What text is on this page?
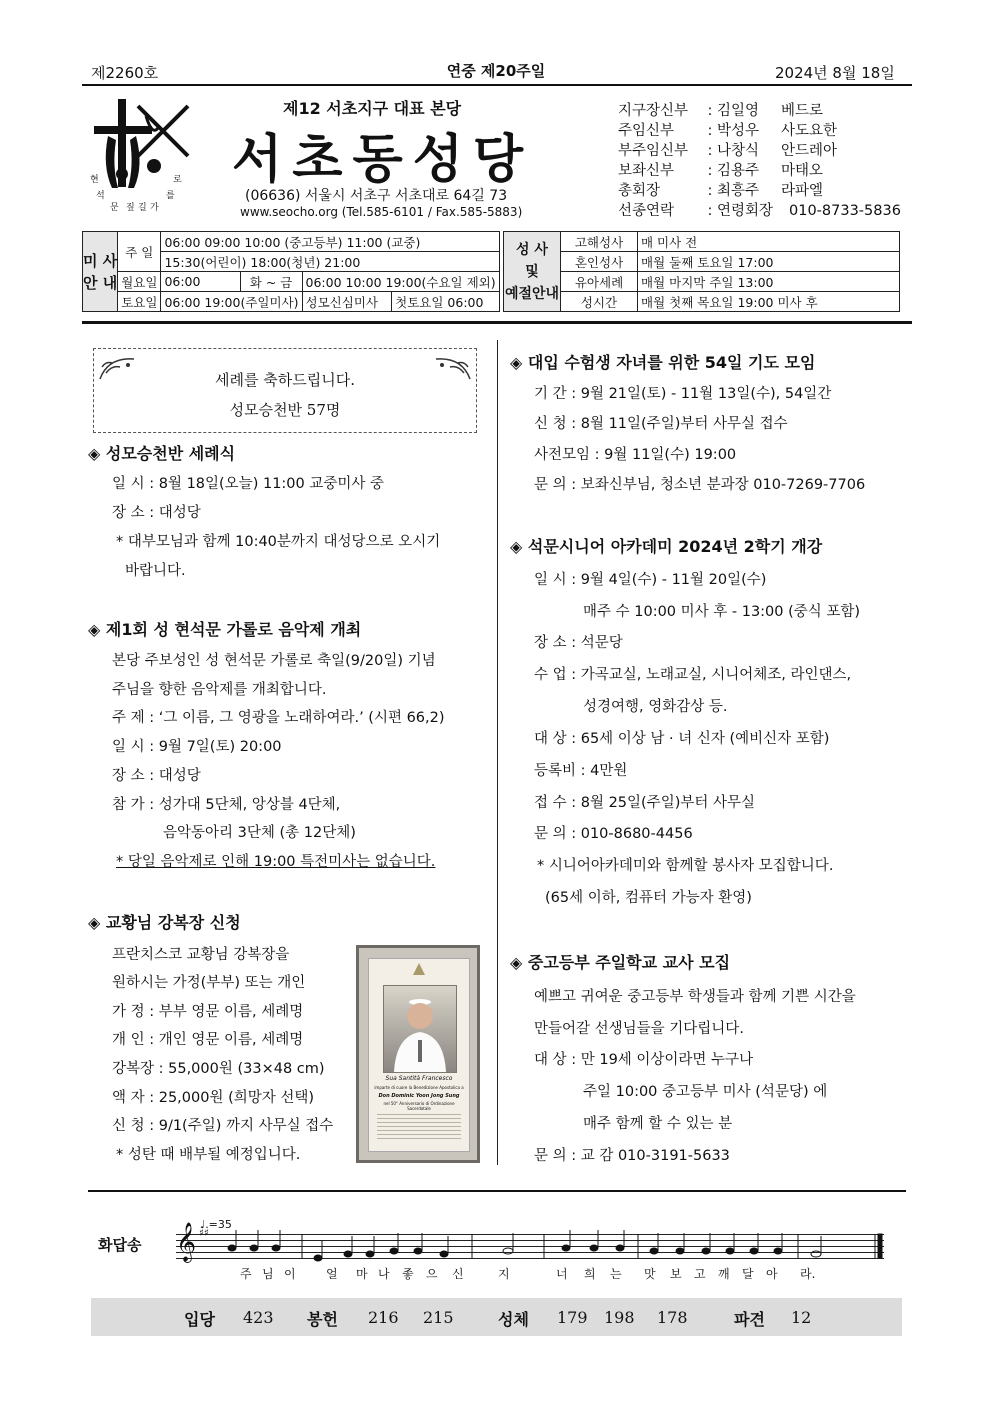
제2260호	연중 제20주일	2024년 8월 18일
현	로
석	를
문	가
짚 길
제12 서초지구 대표 본당
서초동성당
(06636) 서울시 서초구 서초대로 64길 73
www.seocho.org (Tel.585-6101 / Fax.585-5883)
지구장신부	: 김일영	베드로
주임신부	: 박성우	사도요한
부주임신부	: 나창식	안드레아
보좌신부	: 김용주	마태오
총회장	: 최흥주	라파엘
선종연락	: 연령회장	010-8733-5836
미 사
안 내	주 일	06:00 09:00 10:00 (중고등부) 11:00 (교중)			
		15:30(어린이) 18:00(청년) 21:00			
	월요일	06:00	화 ~ 금	06:00 10:00 19:00(수요일 제외)	
	토요일	06:00 19:00(주일미사)		성모신심미사	첫토요일 06:00
성 사
및
예절안내	고해성사	매 미사 전
	혼인성사	매월 둘째 토요일 17:00
	유아세례	매월 마지막 주일 13:00
	성시간	매월 첫째 목요일 19:00 미사 후
세례를 축하드립니다.
성모승천반 57명
◈ 성모승천반 세례식
일 시 : 8월 18일(오늘) 11:00 교중미사 중
장 소 : 대성당
* 대부모님과 함께 10:40분까지 대성당으로 오시기
바랍니다.
◈ 제1회 성 현석문 가롤로 음악제 개최
본당 주보성인 성 현석문 가롤로 축일(9/20일) 기념
주님을 향한 음악제를 개최합니다.
주 제 : ‘그 이름, 그 영광을 노래하여라.’ (시편 66,2)
일 시 : 9월 7일(토) 20:00
장 소 : 대성당
참 가 : 성가대 5단체, 앙상블 4단체,
음악동아리 3단체 (총 12단체)
* 당일 음악제로 인해 19:00 특전미사는 없습니다.
◈ 교황님 강복장 신청
프란치스코 교황님 강복장을
원하시는 가정(부부) 또는 개인
가 정 : 부부 영문 이름, 세례명
개 인 : 개인 영문 이름, 세례명
강복장 : 55,000원 (33×48 cm)
액 자 : 25,000원 (희망자 선택)
신 청 : 9/1(주일) 까지 사무실 접수
* 성탄 때 배부될 예정입니다.
Sua Santità Francesco
imparte di cuore la Benedizione Apostolica a
Don Dominic Yoon Jong Sung
nel 50° Anniversario di Ordinazione Sacerdotale
◈ 대입 수험생 자녀를 위한 54일 기도 모임
기 간 : 9월 21일(토) - 11월 13일(수), 54일간
신 청 : 8월 11일(주일)부터 사무실 접수
사전모임 : 9월 11일(수) 19:00
문 의 : 보좌신부님, 청소년 분과장 010-7269-7706
◈ 석문시니어 아카데미 2024년 2학기 개강
일 시 : 9월 4일(수) - 11월 20일(수)
매주 수 10:00 미사 후 - 13:00 (중식 포함)
장 소 : 석문당
수 업 : 가곡교실, 노래교실, 시니어체조, 라인댄스,
성경여행, 영화감상 등.
대 상 : 65세 이상 남 · 녀 신자 (예비신자 포함)
등록비 : 4만원
접 수 : 8월 25일(주일)부터 사무실
문 의 : 010-8680-4456
* 시니어아카데미와 함께할 봉사자 모집합니다.
(65세 이하, 컴퓨터 가능자 환영)
◈ 중고등부 주일학교 교사 모집
예쁘고 귀여운 중고등부 학생들과 함께 기쁜 시간을
만들어갈 선생님들을 기다립니다.
대 상 : 만 19세 이상이라면 누구나
주일 10:00 중고등부 미사 (석문당) 에
매주 함께 할 수 있는 분
문 의 : 교 감 010-3191-5633
화답송
♩.=35
𝄞 ♯♯
주 님 이	얼 마 나 좋 으 신	지	너 희 는 맛 보 고 깨 달 아 라.
입당 423 봉헌 216 215	성체 179 198 178	파견 12
